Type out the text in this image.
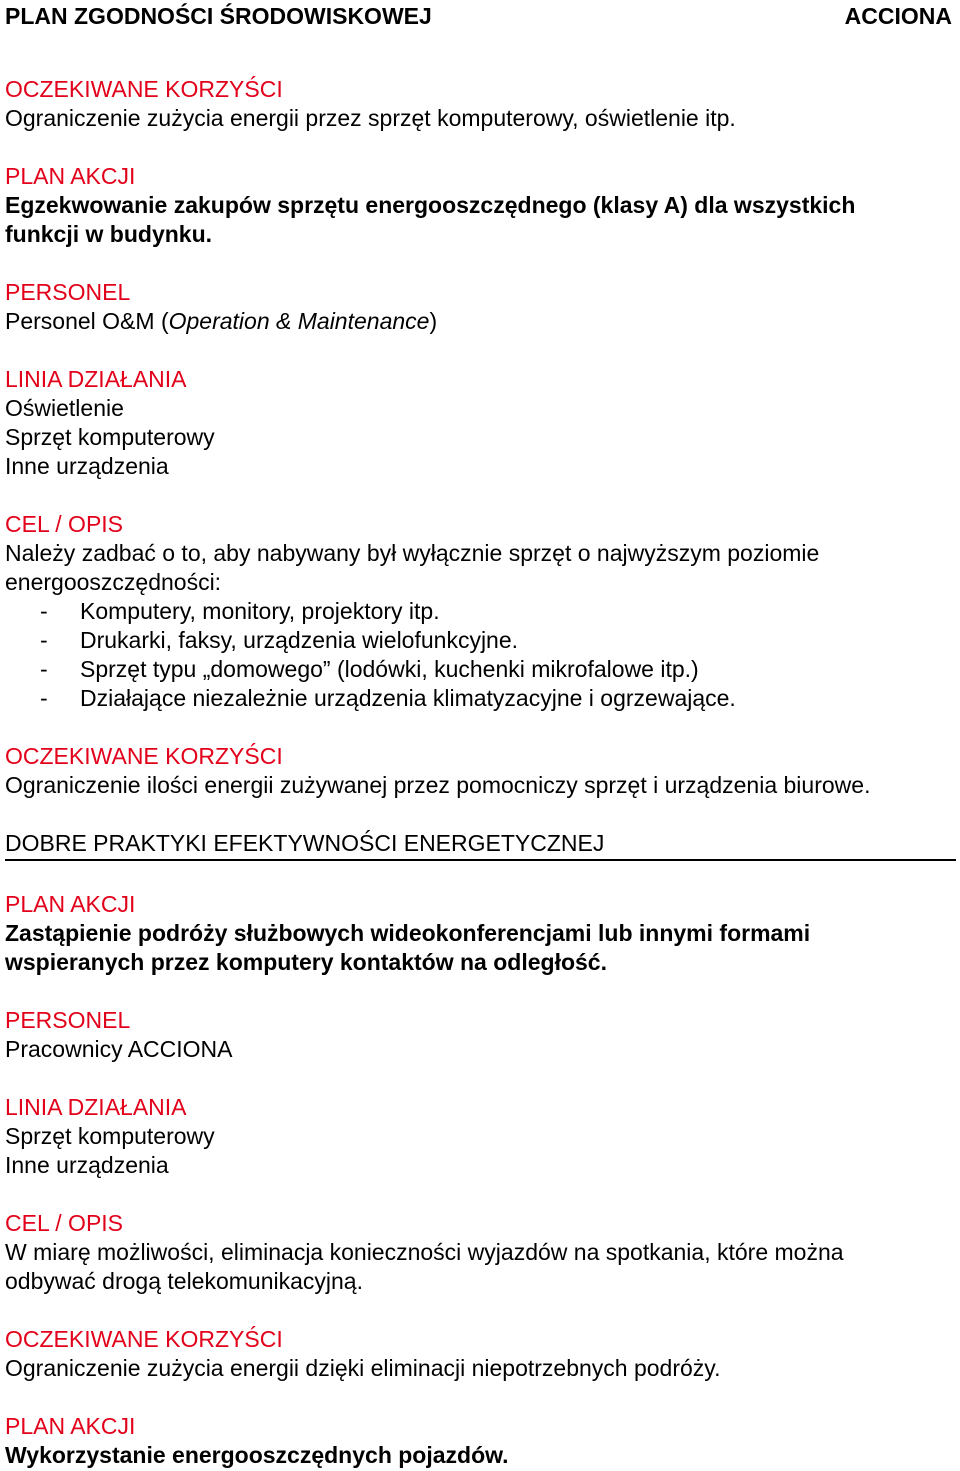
PLAN ZGODNOŚCI ŚRODOWISKOWEJ	ACCIONA
OCZEKIWANE KORZYŚCI
Ograniczenie zużycia energii przez sprzęt komputerowy, oświetlenie itp.
PLAN AKCJI
Egzekwowanie zakupów sprzętu energooszczędnego (klasy A) dla wszystkich
funkcji w budynku.
PERSONEL
Personel O&M (Operation & Maintenance)
LINIA DZIAŁANIA
Oświetlenie
Sprzęt komputerowy
Inne urządzenia
CEL / OPIS
Należy zadbać o to, aby nabywany był wyłącznie sprzęt o najwyższym poziomie
energooszczędności:
- Komputery, monitory, projektory itp.
- Drukarki, faksy, urządzenia wielofunkcyjne.
- Sprzęt typu „domowego” (lodówki, kuchenki mikrofalowe itp.)
- Działające niezależnie urządzenia klimatyzacyjne i ogrzewające.
OCZEKIWANE KORZYŚCI
Ograniczenie ilości energii zużywanej przez pomocniczy sprzęt i urządzenia biurowe.
DOBRE PRAKTYKI EFEKTYWNOŚCI ENERGETYCZNEJ
PLAN AKCJI
Zastąpienie podróży służbowych wideokonferencjami lub innymi formami
wspieranych przez komputery kontaktów na odległość.
PERSONEL
Pracownicy ACCIONA
LINIA DZIAŁANIA
Sprzęt komputerowy
Inne urządzenia
CEL / OPIS
W miarę możliwości, eliminacja konieczności wyjazdów na spotkania, które można
odbywać drogą telekomunikacyjną.
OCZEKIWANE KORZYŚCI
Ograniczenie zużycia energii dzięki eliminacji niepotrzebnych podróży.
PLAN AKCJI
Wykorzystanie energooszczędnych pojazdów.
